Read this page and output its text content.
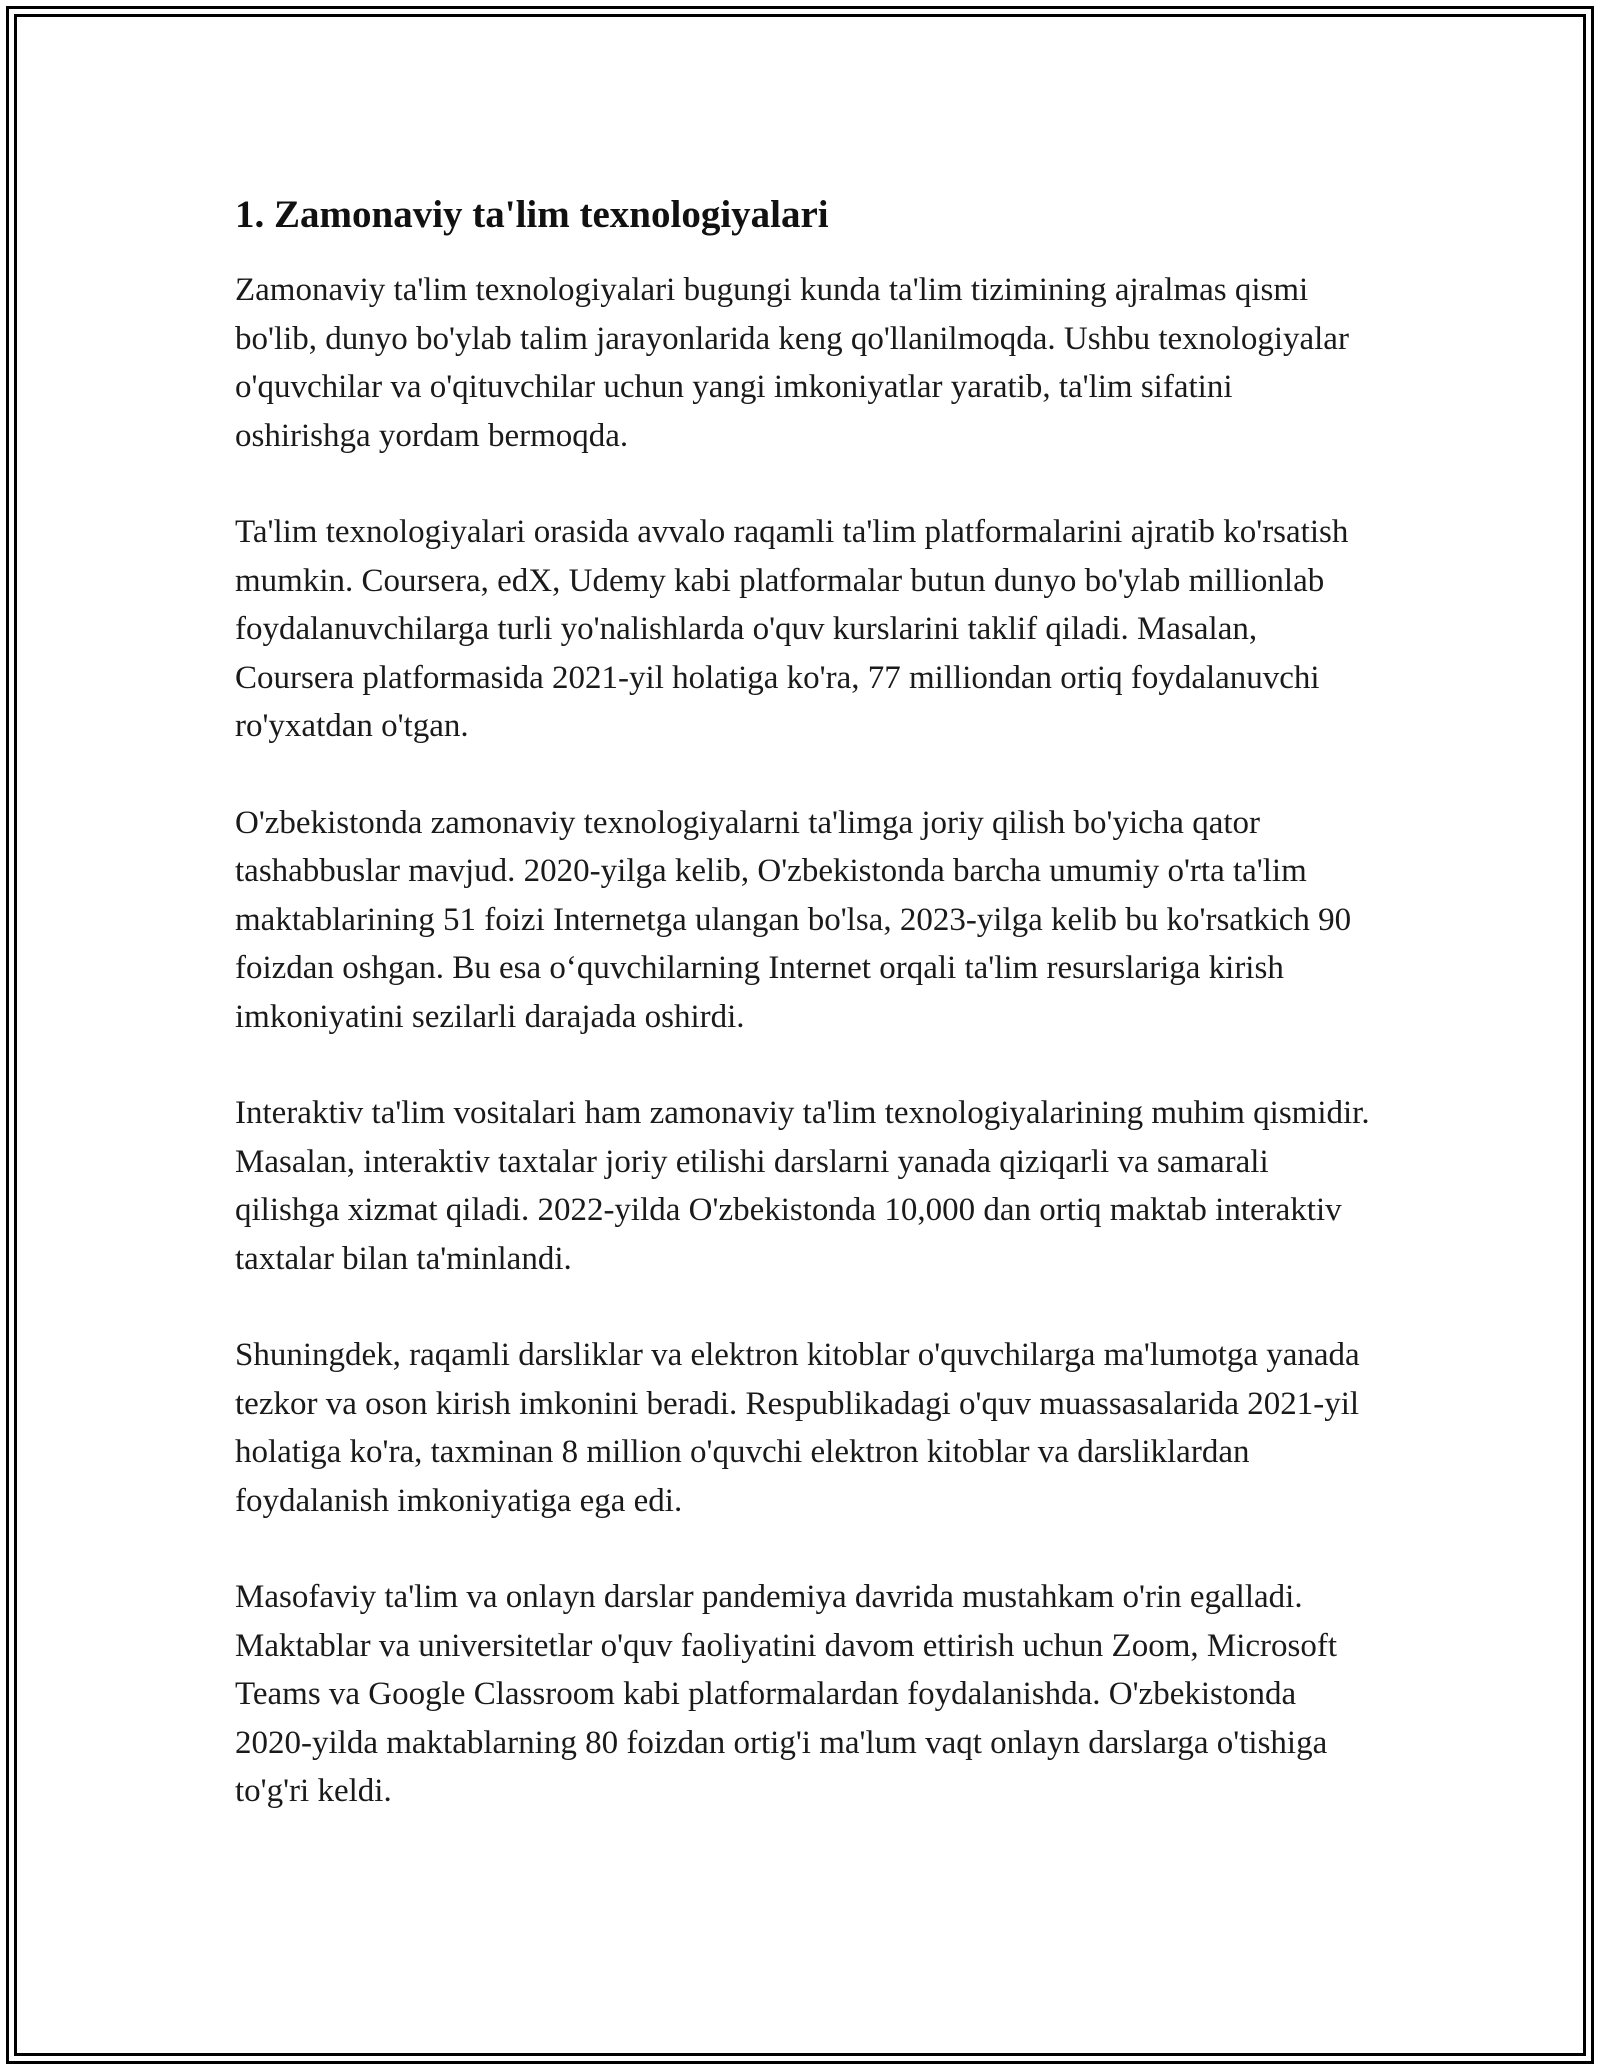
1. Zamonaviy ta'lim texnologiyalari

Zamonaviy ta'lim texnologiyalari bugungi kunda ta'lim tizimining ajralmas qismi bo'lib, dunyo bo'ylab talim jarayonlarida keng qo'llanilmoqda. Ushbu texnologiyalar o'quvchilar va o'qituvchilar uchun yangi imkoniyatlar yaratib, ta'lim sifatini oshirishga yordam bermoqda.

Ta'lim texnologiyalari orasida avvalo raqamli ta'lim platformalarini ajratib ko'rsatish mumkin. Coursera, edX, Udemy kabi platformalar butun dunyo bo'ylab millionlab foydalanuvchilarga turli yo'nalishlarda o'quv kurslarini taklif qiladi. Masalan, Coursera platformasida 2021-yil holatiga ko'ra, 77 milliondan ortiq foydalanuvchi ro'yxatdan o'tgan.

O'zbekistonda zamonaviy texnologiyalarni ta'limga joriy qilish bo'yicha qator tashabbuslar mavjud. 2020-yilga kelib, O'zbekistonda barcha umumiy o'rta ta'lim maktablarining 51 foizi Internetga ulangan bo'lsa, 2023-yilga kelib bu ko'rsatkich 90 foizdan oshgan. Bu esa o‘quvchilarning Internet orqali ta'lim resurslariga kirish imkoniyatini sezilarli darajada oshirdi.

Interaktiv ta'lim vositalari ham zamonaviy ta'lim texnologiyalarining muhim qismidir. Masalan, interaktiv taxtalar joriy etilishi darslarni yanada qiziqarli va samarali qilishga xizmat qiladi. 2022-yilda O'zbekistonda 10,000 dan ortiq maktab interaktiv taxtalar bilan ta'minlandi.

Shuningdek, raqamli darsliklar va elektron kitoblar o'quvchilarga ma'lumotga yanada tezkor va oson kirish imkonini beradi. Respublikadagi o'quv muassasalarida 2021-yil holatiga ko'ra, taxminan 8 million o'quvchi elektron kitoblar va darsliklardan foydalanish imkoniyatiga ega edi.

Masofaviy ta'lim va onlayn darslar pandemiya davrida mustahkam o'rin egalladi. Maktablar va universitetlar o'quv faoliyatini davom ettirish uchun Zoom, Microsoft Teams va Google Classroom kabi platformalardan foydalanishda. O'zbekistonda 2020-yilda maktablarning 80 foizdan ortig'i ma'lum vaqt onlayn darslarga o'tishiga to'g'ri keldi.
